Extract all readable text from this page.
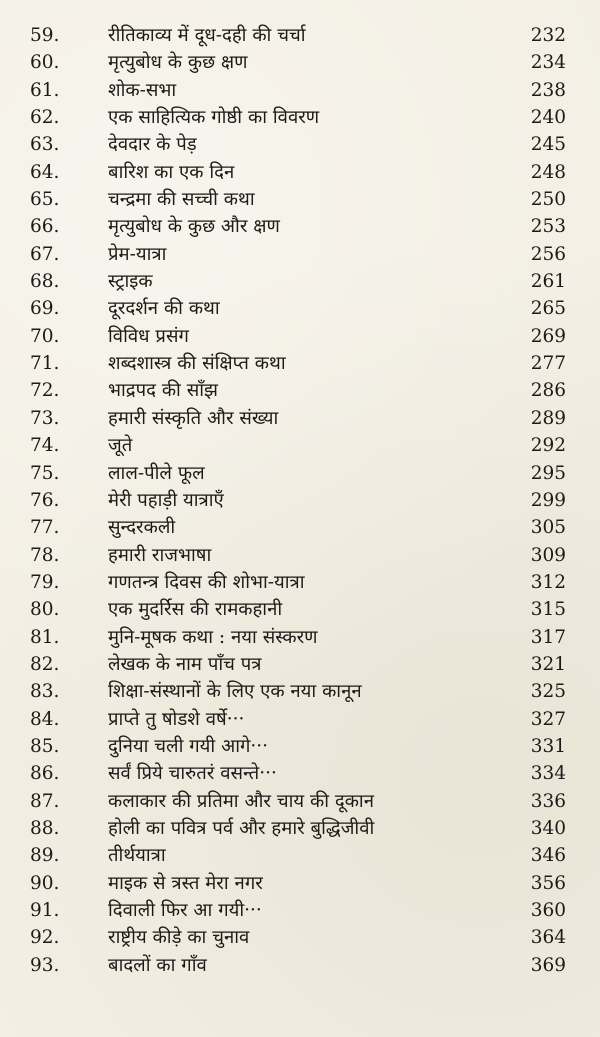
59.	रीतिकाव्य में दूध-दही की चर्चा	232
60.	मृत्युबोध के कुछ क्षण	234
61.	शोक-सभा	238
62.	एक साहित्यिक गोष्ठी का विवरण	240
63.	देवदार के पेड़	245
64.	बारिश का एक दिन	248
65.	चन्द्रमा की सच्ची कथा	250
66.	मृत्युबोध के कुछ और क्षण	253
67.	प्रेम-यात्रा	256
68.	स्ट्राइक	261
69.	दूरदर्शन की कथा	265
70.	विविध प्रसंग	269
71.	शब्दशास्त्र की संक्षिप्त कथा	277
72.	भाद्रपद की साँझ	286
73.	हमारी संस्कृति और संख्या	289
74.	जूते	292
75.	लाल-पीले फूल	295
76.	मेरी पहाड़ी यात्राएँ	299
77.	सुन्दरकली	305
78.	हमारी राजभाषा	309
79.	गणतन्त्र दिवस की शोभा-यात्रा	312
80.	एक मुदर्रिस की रामकहानी	315
81.	मुनि-मूषक कथा : नया संस्करण	317
82.	लेखक के नाम पाँच पत्र	321
83.	शिक्षा-संस्थानों के लिए एक नया कानून	325
84.	प्राप्ते तु षोडशे वर्षे···	327
85.	दुनिया चली गयी आगे···	331
86.	सर्वं प्रिये चारुतरं वसन्ते···	334
87.	कलाकार की प्रतिमा और चाय की दूकान	336
88.	होली का पवित्र पर्व और हमारे बुद्धिजीवी	340
89.	तीर्थयात्रा	346
90.	माइक से त्रस्त मेरा नगर	356
91.	दिवाली फिर आ गयी···	360
92.	राष्ट्रीय कीड़े का चुनाव	364
93.	बादलों का गाँव	369
